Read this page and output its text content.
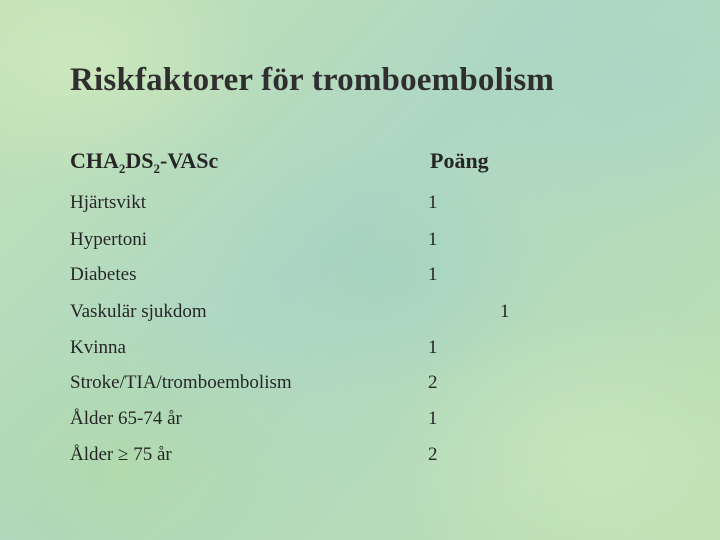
Riskfaktorer för tromboembolism
$CHA_2DS_2$-VASc	Poäng
Hjärtsvikt	1
Hypertoni	1
Diabetes	1
Vaskulär sjukdom	1
Kvinna	1
Stroke/TIA/tromboembolism	2
Ålder 65-74 år	1
Ålder ≥ 75 år	2
